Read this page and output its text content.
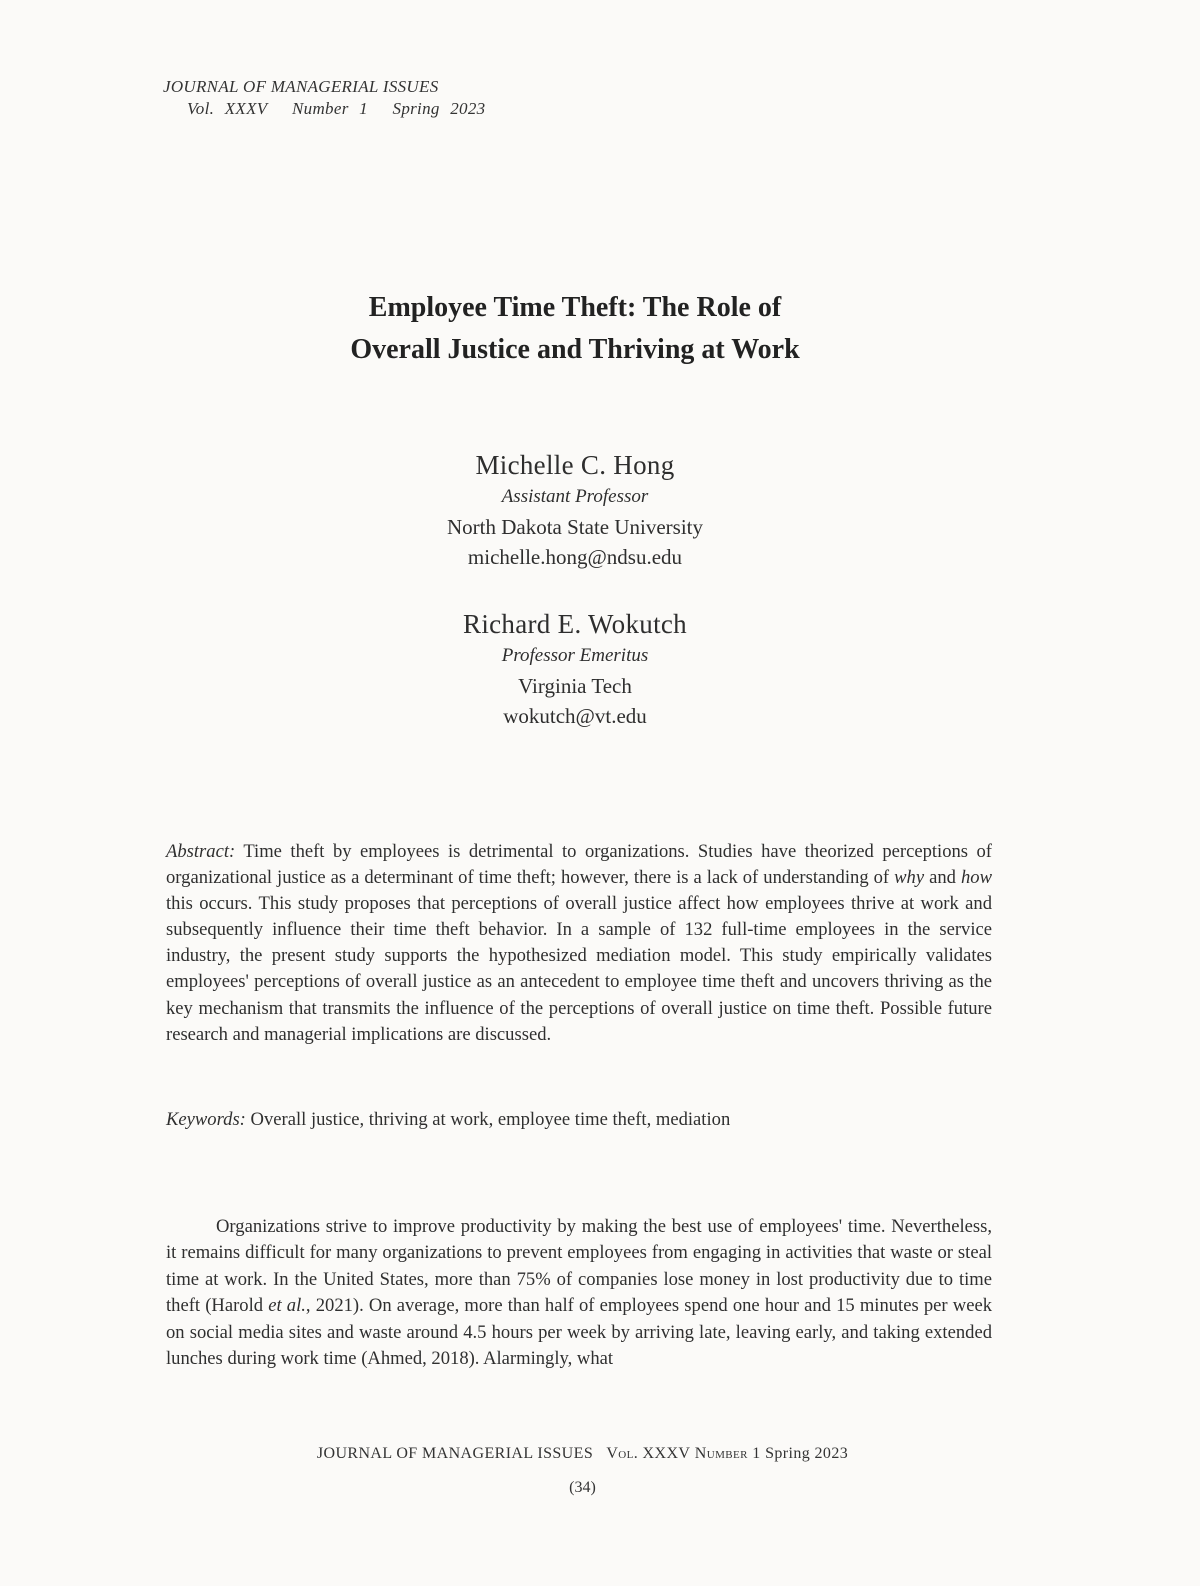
JOURNAL OF MANAGERIAL ISSUES
Vol. XXXV Number 1 Spring 2023
Employee Time Theft: The Role of
Overall Justice and Thriving at Work
Michelle C. Hong
Assistant Professor
North Dakota State University
michelle.hong@ndsu.edu
Richard E. Wokutch
Professor Emeritus
Virginia Tech
wokutch@vt.edu

Abstract: Time theft by employees is detrimental to organizations. Studies have theorized perceptions of organizational justice as a determinant of time theft; however, there is a lack of understanding of why and how this occurs. This study proposes that perceptions of overall justice affect how employees thrive at work and subsequently influence their time theft behavior. In a sample of 132 full-time employees in the service industry, the present study supports the hypothesized mediation model. This study empirically validates employees' perceptions of overall justice as an antecedent to employee time theft and uncovers thriving as the key mechanism that transmits the influence of the perceptions of overall justice on time theft. Possible future research and managerial implications are discussed.

Keywords: Overall justice, thriving at work, employee time theft, mediation

Organizations strive to improve productivity by making the best use of employees' time. Nevertheless, it remains difficult for many organizations to prevent employees from engaging in activities that waste or steal time at work. In the United States, more than 75% of companies lose money in lost productivity due to time theft (Harold et al., 2021). On average, more than half of employees spend one hour and 15 minutes per week on social media sites and waste around 4.5 hours per week by arriving late, leaving early, and taking extended lunches during work time (Ahmed, 2018). Alarmingly, what

JOURNAL OF MANAGERIAL ISSUES Vol. XXXV Number 1 Spring 2023
(34)
